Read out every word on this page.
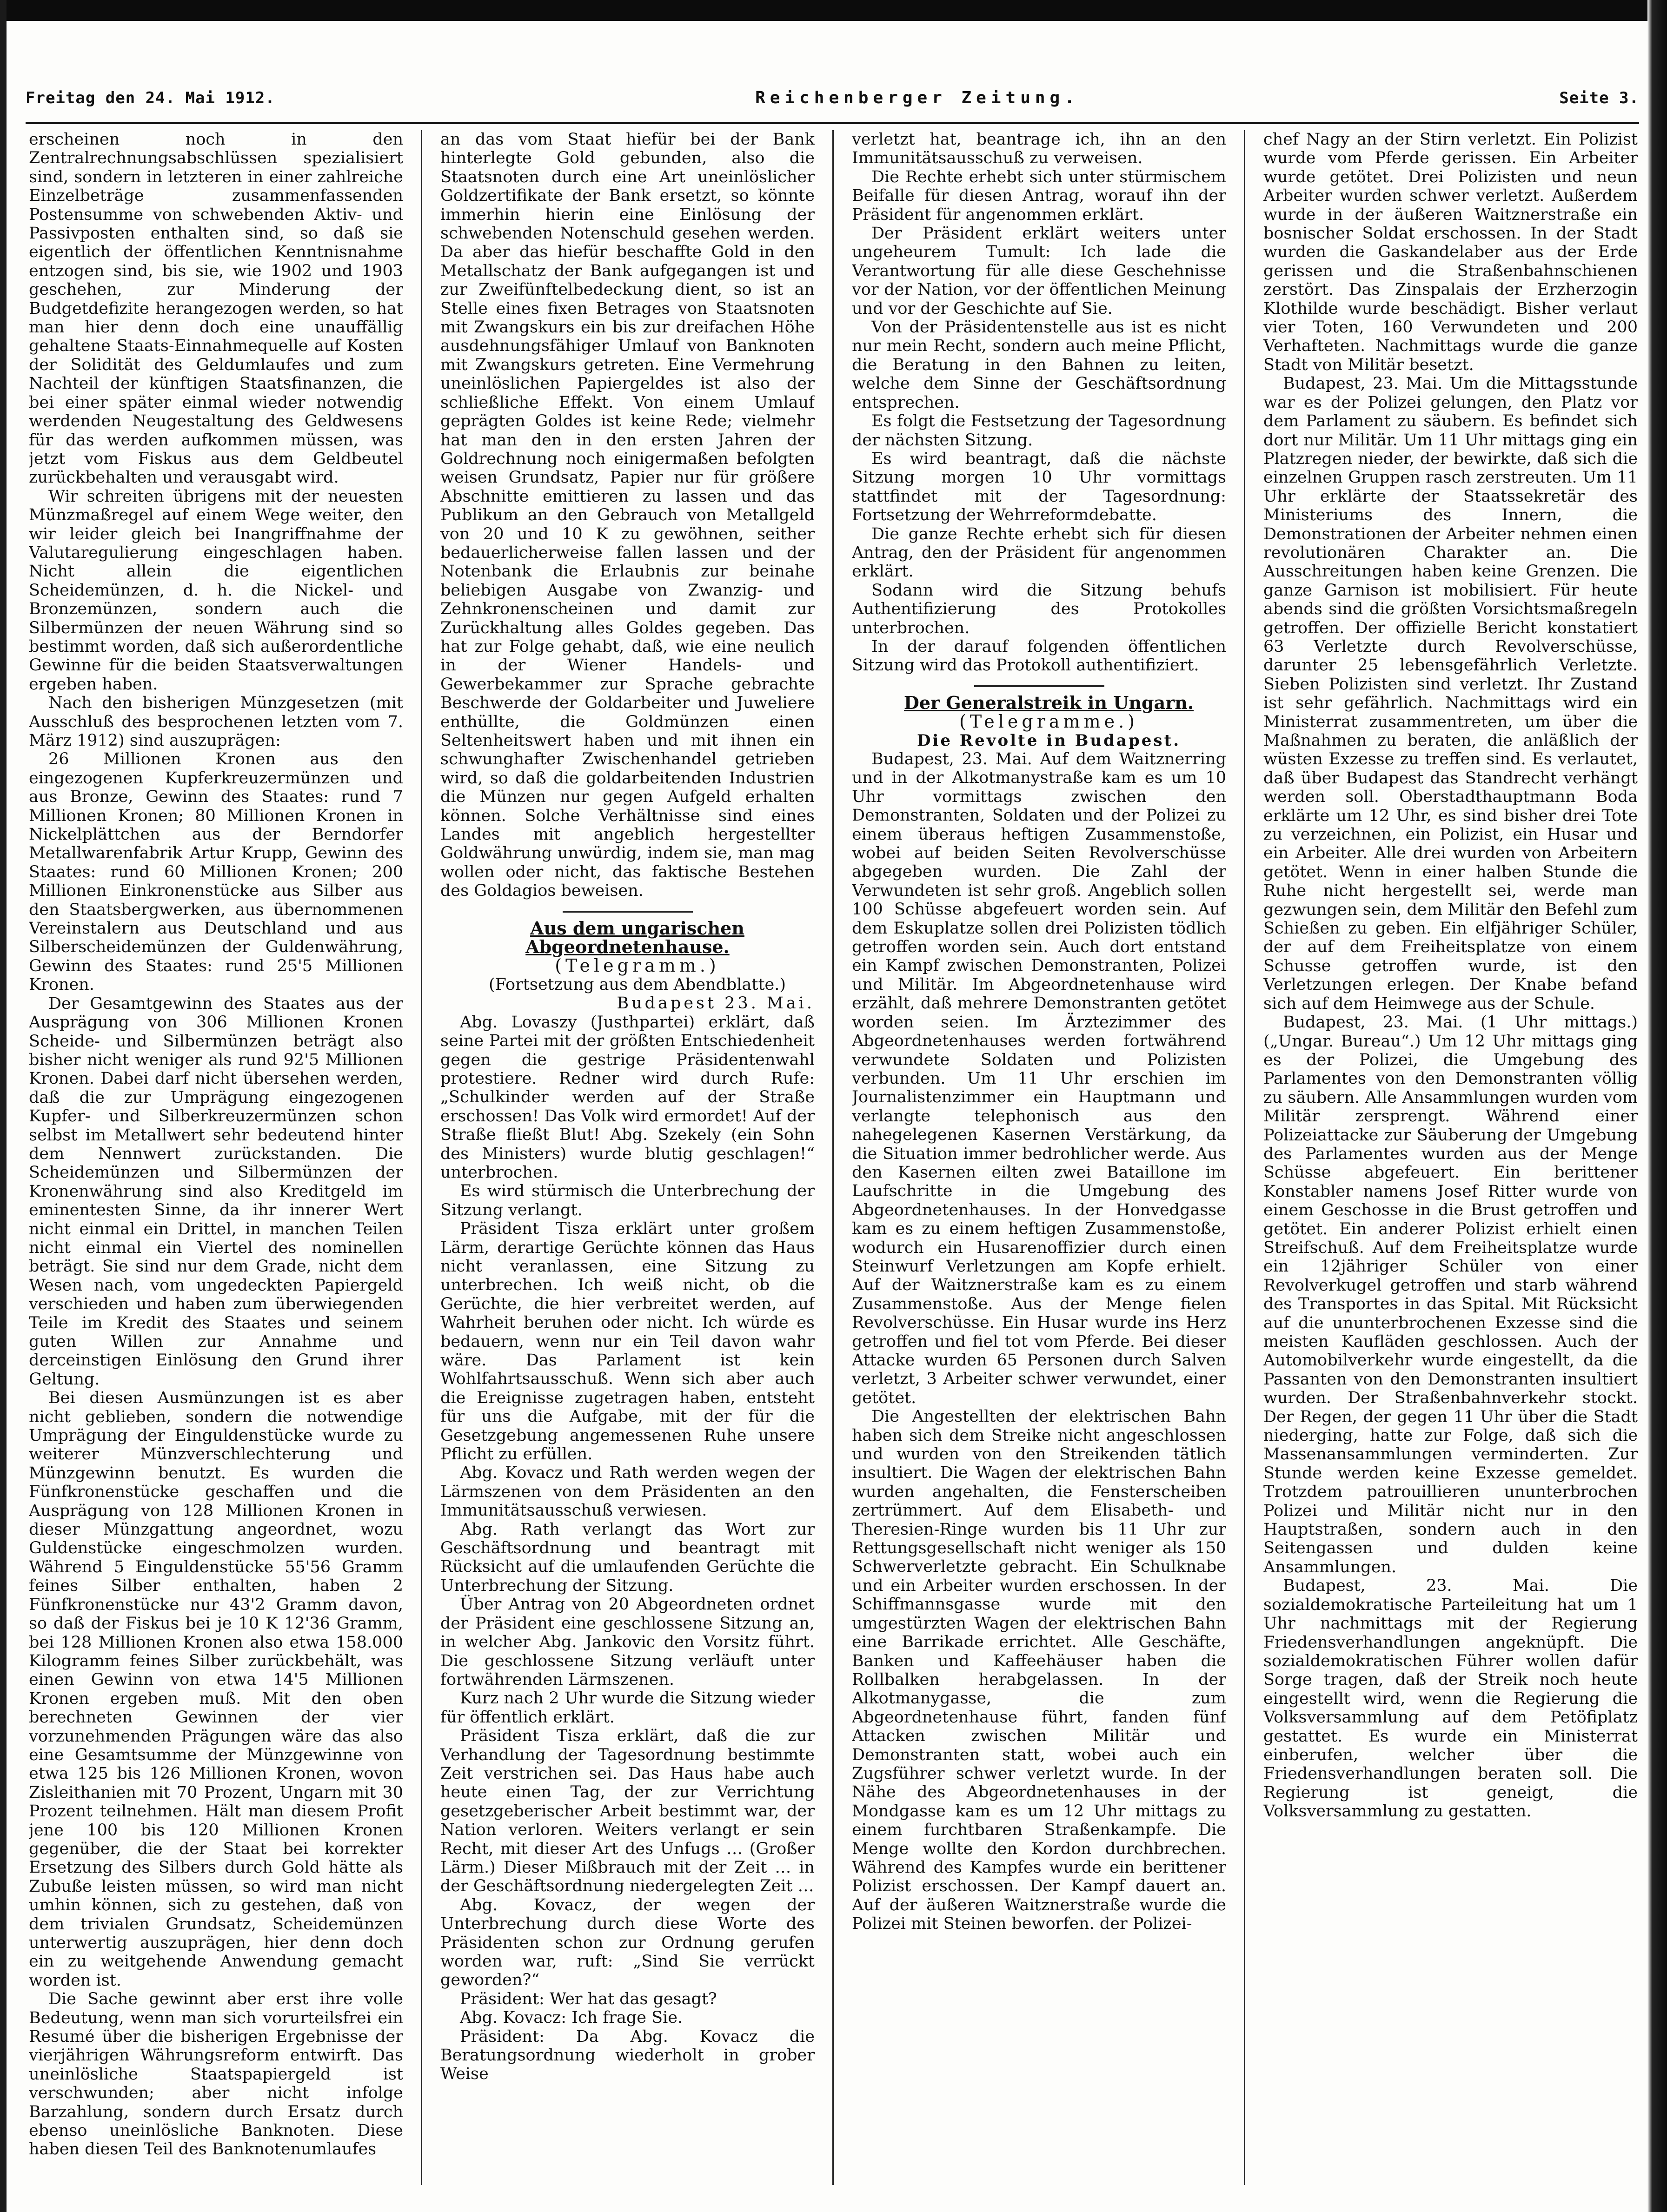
Freitag den 24. Mai 1912.	Reichenberger Zeitung.	Seite 3.

erscheinen noch in den Zentralrechnungsabschlüssen spezialisiert sind, sondern in letzteren in einer zahlreiche Einzelbeträge zusammenfassenden Postensumme von schwebenden Aktiv- und Passivposten enthalten sind, so daß sie eigentlich der öffentlichen Kenntnisnahme entzogen sind, bis sie, wie 1902 und 1903 geschehen, zur Minderung der Budgetdefizite herangezogen werden, so hat man hier denn doch eine unauffällig gehaltene Staats-Einnahmequelle auf Kosten der Solidität des Geldumlaufes und zum Nachteil der künftigen Staatsfinanzen, die bei einer später einmal wieder notwendig werdenden Neugestaltung des Geldwesens für das werden aufkommen müssen, was jetzt vom Fiskus aus dem Geldbeutel zurückbehalten und verausgabt wird.

Wir schreiten übrigens mit der neuesten Münzmaßregel auf einem Wege weiter, den wir leider gleich bei Inangriffnahme der Valutaregulierung eingeschlagen haben. Nicht allein die eigentlichen Scheidemünzen, d. h. die Nickel- und Bronzemünzen, sondern auch die Silbermünzen der neuen Währung sind so bestimmt worden, daß sich außerordentliche Gewinne für die beiden Staatsverwaltungen ergeben haben.

Nach den bisherigen Münzgesetzen (mit Ausschluß des besprochenen letzten vom 7. März 1912) sind auszuprägen:

26 Millionen Kronen aus den eingezogenen Kupferkreuzermünzen und aus Bronze, Gewinn des Staates: rund 7 Millionen Kronen; 80 Millionen Kronen in Nickelplättchen aus der Berndorfer Metallwarenfabrik Artur Krupp, Gewinn des Staates: rund 60 Millionen Kronen; 200 Millionen Einkronenstücke aus Silber aus den Staatsbergwerken, aus übernommenen Vereinstalern aus Deutschland und aus Silberscheidemünzen der Guldenwährung, Gewinn des Staates: rund 25'5 Millionen Kronen.

Der Gesamtgewinn des Staates aus der Ausprägung von 306 Millionen Kronen Scheide- und Silbermünzen beträgt also bisher nicht weniger als rund 92'5 Millionen Kronen. Dabei darf nicht übersehen werden, daß die zur Umprägung eingezogenen Kupfer- und Silberkreuzermünzen schon selbst im Metallwert sehr bedeutend hinter dem Nennwert zurückstanden. Die Scheidemünzen und Silbermünzen der Kronenwährung sind also Kreditgeld im eminentesten Sinne, da ihr innerer Wert nicht einmal ein Drittel, in manchen Teilen nicht einmal ein Viertel des nominellen beträgt. Sie sind nur dem Grade, nicht dem Wesen nach, vom ungedeckten Papiergeld verschieden und haben zum überwiegenden Teile im Kredit des Staates und seinem guten Willen zur Annahme und derceinstigen Einlösung den Grund ihrer Geltung.

Bei diesen Ausmünzungen ist es aber nicht geblieben, sondern die notwendige Umprägung der Einguldenstücke wurde zu weiterer Münzverschlechterung und Münzgewinn benutzt. Es wurden die Fünfkronenstücke geschaffen und die Ausprägung von 128 Millionen Kronen in dieser Münzgattung angeordnet, wozu Guldenstücke eingeschmolzen wurden. Während 5 Einguldenstücke 55'56 Gramm feines Silber enthalten, haben 2 Fünfkronenstücke nur 43'2 Gramm davon, so daß der Fiskus bei je 10 K 12'36 Gramm, bei 128 Millionen Kronen also etwa 158.000 Kilogramm feines Silber zurückbehält, was einen Gewinn von etwa 14'5 Millionen Kronen ergeben muß. Mit den oben berechneten Gewinnen der vier vorzunehmenden Prägungen wäre das also eine Gesamtsumme der Münzgewinne von etwa 125 bis 126 Millionen Kronen, wovon Zisleithanien mit 70 Prozent, Ungarn mit 30 Prozent teilnehmen. Hält man diesem Profit jene 100 bis 120 Millionen Kronen gegenüber, die der Staat bei korrekter Ersetzung des Silbers durch Gold hätte als Zubuße leisten müssen, so wird man nicht umhin können, sich zu gestehen, daß von dem trivialen Grundsatz, Scheidemünzen unterwertig auszuprägen, hier denn doch ein zu weitgehende Anwendung gemacht worden ist.

Die Sache gewinnt aber erst ihre volle Bedeutung, wenn man sich vorurteilsfrei ein Resumé über die bisherigen Ergebnisse der vierjährigen Währungsreform entwirft. Das uneinlösliche Staatspapiergeld ist verschwunden; aber nicht infolge Barzahlung, sondern durch Ersatz durch ebenso uneinlösliche Banknoten. Diese haben diesen Teil des Banknotenumlaufes

an das vom Staat hiefür bei der Bank hinterlegte Gold gebunden, also die Staatsnoten durch eine Art uneinlöslicher Goldzertifikate der Bank ersetzt, so könnte immerhin hierin eine Einlösung der schwebenden Notenschuld gesehen werden. Da aber das hiefür beschaffte Gold in den Metallschatz der Bank aufgegangen ist und zur Zweifünftelbedeckung dient, so ist an Stelle eines fixen Betrages von Staatsnoten mit Zwangskurs ein bis zur dreifachen Höhe ausdehnungsfähiger Umlauf von Banknoten mit Zwangskurs getreten. Eine Vermehrung uneinlöslichen Papiergeldes ist also der schließliche Effekt. Von einem Umlauf geprägten Goldes ist keine Rede; vielmehr hat man den in den ersten Jahren der Goldrechnung noch einigermaßen befolgten weisen Grundsatz, Papier nur für größere Abschnitte emittieren zu lassen und das Publikum an den Gebrauch von Metallgeld von 20 und 10 K zu gewöhnen, seither bedauerlicherweise fallen lassen und der Notenbank die Erlaubnis zur beinahe beliebigen Ausgabe von Zwanzig- und Zehnkronenscheinen und damit zur Zurückhaltung alles Goldes gegeben. Das hat zur Folge gehabt, daß, wie eine neulich in der Wiener Handels- und Gewerbekammer zur Sprache gebrachte Beschwerde der Goldarbeiter und Juweliere enthüllte, die Goldmünzen einen Seltenheitswert haben und mit ihnen ein schwunghafter Zwischenhandel getrieben wird, so daß die goldarbeitenden Industrien die Münzen nur gegen Aufgeld erhalten können. Solche Verhältnisse sind eines Landes mit angeblich hergestellter Goldwährung unwürdig, indem sie, man mag wollen oder nicht, das faktische Bestehen des Goldagios beweisen.

Aus dem ungarischen Abgeordnetenhause.

(Telegramm.)

(Fortsetzung aus dem Abendblatte.)

Budapest 23. Mai.

Abg. Lovaszy (Justhpartei) erklärt, daß seine Partei mit der größten Entschiedenheit gegen die gestrige Präsidentenwahl protestiere. Redner wird durch Rufe: „Schulkinder werden auf der Straße erschossen! Das Volk wird ermordet! Auf der Straße fließt Blut! Abg. Szekely (ein Sohn des Ministers) wurde blutig geschlagen!“ unterbrochen.

Es wird stürmisch die Unterbrechung der Sitzung verlangt.

Präsident Tisza erklärt unter großem Lärm, derartige Gerüchte können das Haus nicht veranlassen, eine Sitzung zu unterbrechen. Ich weiß nicht, ob die Gerüchte, die hier verbreitet werden, auf Wahrheit beruhen oder nicht. Ich würde es bedauern, wenn nur ein Teil davon wahr wäre. Das Parlament ist kein Wohlfahrtsausschuß. Wenn sich aber auch die Ereignisse zugetragen haben, entsteht für uns die Aufgabe, mit der für die Gesetzgebung angemessenen Ruhe unsere Pflicht zu erfüllen.

Abg. Kovacz und Rath werden wegen der Lärmszenen von dem Präsidenten an den Immunitätsausschuß verwiesen.

Abg. Rath verlangt das Wort zur Geschäftsordnung und beantragt mit Rücksicht auf die umlaufenden Gerüchte die Unterbrechung der Sitzung.

Über Antrag von 20 Abgeordneten ordnet der Präsident eine geschlossene Sitzung an, in welcher Abg. Jankovic den Vorsitz führt. Die geschlossene Sitzung verläuft unter fortwährenden Lärmszenen.

Kurz nach 2 Uhr wurde die Sitzung wieder für öffentlich erklärt.

Präsident Tisza erklärt, daß die zur Verhandlung der Tagesordnung bestimmte Zeit verstrichen sei. Das Haus habe auch heute einen Tag, der zur Verrichtung gesetzgeberischer Arbeit bestimmt war, der Nation verloren. Weiters verlangt er sein Recht, mit dieser Art des Unfugs … (Großer Lärm.) Dieser Mißbrauch mit der Zeit … in der Geschäftsordnung niedergelegten Zeit …

Abg. Kovacz, der wegen der Unterbrechung durch diese Worte des Präsidenten schon zur Ordnung gerufen worden war, ruft: „Sind Sie verrückt geworden?“

Präsident: Wer hat das gesagt?

Abg. Kovacz: Ich frage Sie.

Präsident: Da Abg. Kovacz die Beratungsordnung wiederholt in grober Weise

verletzt hat, beantrage ich, ihn an den Immunitätsausschuß zu verweisen.

Die Rechte erhebt sich unter stürmischem Beifalle für diesen Antrag, worauf ihn der Präsident für angenommen erklärt.

Der Präsident erklärt weiters unter ungeheurem Tumult: Ich lade die Verantwortung für alle diese Geschehnisse vor der Nation, vor der öffentlichen Meinung und vor der Geschichte auf Sie.

Von der Präsidentenstelle aus ist es nicht nur mein Recht, sondern auch meine Pflicht, die Beratung in den Bahnen zu leiten, welche dem Sinne der Geschäftsordnung entsprechen.

Es folgt die Festsetzung der Tagesordnung der nächsten Sitzung.

Es wird beantragt, daß die nächste Sitzung morgen 10 Uhr vormittags stattfindet mit der Tagesordnung: Fortsetzung der Wehrreformdebatte.

Die ganze Rechte erhebt sich für diesen Antrag, den der Präsident für angenommen erklärt.

Sodann wird die Sitzung behufs Authentifizierung des Protokolles unterbrochen.

In der darauf folgenden öffentlichen Sitzung wird das Protokoll authentifiziert.

Der Generalstreik in Ungarn.

(Telegramme.)

Die Revolte in Budapest.

Budapest, 23. Mai. Auf dem Waitznerring und in der Alkotmanystraße kam es um 10 Uhr vormittags zwischen den Demonstranten, Soldaten und der Polizei zu einem überaus heftigen Zusammenstoße, wobei auf beiden Seiten Revolverschüsse abgegeben wurden. Die Zahl der Verwundeten ist sehr groß. Angeblich sollen 100 Schüsse abgefeuert worden sein. Auf dem Eskuplatze sollen drei Polizisten tödlich getroffen worden sein. Auch dort entstand ein Kampf zwischen Demonstranten, Polizei und Militär. Im Abgeordnetenhause wird erzählt, daß mehrere Demonstranten getötet worden seien. Im Ärztezimmer des Abgeordnetenhauses werden fortwährend verwundete Soldaten und Polizisten verbunden. Um 11 Uhr erschien im Journalistenzimmer ein Hauptmann und verlangte telephonisch aus den nahegelegenen Kasernen Verstärkung, da die Situation immer bedrohlicher werde. Aus den Kasernen eilten zwei Bataillone im Laufschritte in die Umgebung des Abgeordnetenhauses. In der Honvedgasse kam es zu einem heftigen Zusammenstoße, wodurch ein Husarenoffizier durch einen Steinwurf Verletzungen am Kopfe erhielt. Auf der Waitznerstraße kam es zu einem Zusammenstoße. Aus der Menge fielen Revolverschüsse. Ein Husar wurde ins Herz getroffen und fiel tot vom Pferde. Bei dieser Attacke wurden 65 Personen durch Salven verletzt, 3 Arbeiter schwer verwundet, einer getötet.

Die Angestellten der elektrischen Bahn haben sich dem Streike nicht angeschlossen und wurden von den Streikenden tätlich insultiert. Die Wagen der elektrischen Bahn wurden angehalten, die Fensterscheiben zertrümmert. Auf dem Elisabeth- und Theresien-Ringe wurden bis 11 Uhr zur Rettungsgesellschaft nicht weniger als 150 Schwerverletzte gebracht. Ein Schulknabe und ein Arbeiter wurden erschossen. In der Schiffmannsgasse wurde mit den umgestürzten Wagen der elektrischen Bahn eine Barrikade errichtet. Alle Geschäfte, Banken und Kaffeehäuser haben die Rollbalken herabgelassen. In der Alkotmanygasse, die zum Abgeordnetenhause führt, fanden fünf Attacken zwischen Militär und Demonstranten statt, wobei auch ein Zugsführer schwer verletzt wurde. In der Nähe des Abgeordnetenhauses in der Mondgasse kam es um 12 Uhr mittags zu einem furchtbaren Straßenkampfe. Die Menge wollte den Kordon durchbrechen. Während des Kampfes wurde ein berittener Polizist erschossen. Der Kampf dauert an. Auf der äußeren Waitznerstraße wurde die Polizei mit Steinen beworfen. der Polizei-

chef Nagy an der Stirn verletzt. Ein Polizist wurde vom Pferde gerissen. Ein Arbeiter wurde getötet. Drei Polizisten und neun Arbeiter wurden schwer verletzt. Außerdem wurde in der äußeren Waitznerstraße ein bosnischer Soldat erschossen. In der Stadt wurden die Gaskandelaber aus der Erde gerissen und die Straßenbahnschienen zerstört. Das Zinspalais der Erzherzogin Klothilde wurde beschädigt. Bisher verlaut vier Toten, 160 Verwundeten und 200 Verhafteten. Nachmittags wurde die ganze Stadt von Militär besetzt.

Budapest, 23. Mai. Um die Mittagsstunde war es der Polizei gelungen, den Platz vor dem Parlament zu säubern. Es befindet sich dort nur Militär. Um 11 Uhr mittags ging ein Platzregen nieder, der bewirkte, daß sich die einzelnen Gruppen rasch zerstreuten. Um 11 Uhr erklärte der Staatssekretär des Ministeriums des Innern, die Demonstrationen der Arbeiter nehmen einen revolutionären Charakter an. Die Ausschreitungen haben keine Grenzen. Die ganze Garnison ist mobilisiert. Für heute abends sind die größten Vorsichtsmaßregeln getroffen. Der offizielle Bericht konstatiert 63 Verletzte durch Revolverschüsse, darunter 25 lebensgefährlich Verletzte. Sieben Polizisten sind verletzt. Ihr Zustand ist sehr gefährlich. Nachmittags wird ein Ministerrat zusammentreten, um über die Maßnahmen zu beraten, die anläßlich der wüsten Exzesse zu treffen sind. Es verlautet, daß über Budapest das Standrecht verhängt werden soll. Oberstadthauptmann Boda erklärte um 12 Uhr, es sind bisher drei Tote zu verzeichnen, ein Polizist, ein Husar und ein Arbeiter. Alle drei wurden von Arbeitern getötet. Wenn in einer halben Stunde die Ruhe nicht hergestellt sei, werde man gezwungen sein, dem Militär den Befehl zum Schießen zu geben. Ein elfjähriger Schüler, der auf dem Freiheitsplatze von einem Schusse getroffen wurde, ist den Verletzungen erlegen. Der Knabe befand sich auf dem Heimwege aus der Schule.

Budapest, 23. Mai. (1 Uhr mittags.) („Ungar. Bureau“.) Um 12 Uhr mittags ging es der Polizei, die Umgebung des Parlamentes von den Demonstranten völlig zu säubern. Alle Ansammlungen wurden vom Militär zersprengt. Während einer Polizeiattacke zur Säuberung der Umgebung des Parlamentes wurden aus der Menge Schüsse abgefeuert. Ein berittener Konstabler namens Josef Ritter wurde von einem Geschosse in die Brust getroffen und getötet. Ein anderer Polizist erhielt einen Streifschuß. Auf dem Freiheitsplatze wurde ein 12jähriger Schüler von einer Revolverkugel getroffen und starb während des Transportes in das Spital. Mit Rücksicht auf die ununterbrochenen Exzesse sind die meisten Kaufläden geschlossen. Auch der Automobilverkehr wurde eingestellt, da die Passanten von den Demonstranten insultiert wurden. Der Straßenbahnverkehr stockt. Der Regen, der gegen 11 Uhr über die Stadt niederging, hatte zur Folge, daß sich die Massenansammlungen verminderten. Zur Stunde werden keine Exzesse gemeldet. Trotzdem patrouillieren ununterbrochen Polizei und Militär nicht nur in den Hauptstraßen, sondern auch in den Seitengassen und dulden keine Ansammlungen.

Budapest, 23. Mai. Die sozialdemokratische Parteileitung hat um 1 Uhr nachmittags mit der Regierung Friedensverhandlungen angeknüpft. Die sozialdemokratischen Führer wollen dafür Sorge tragen, daß der Streik noch heute eingestellt wird, wenn die Regierung die Volksversammlung auf dem Petöfiplatz gestattet. Es wurde ein Ministerrat einberufen, welcher über die Friedensverhandlungen beraten soll. Die Regierung ist geneigt, die Volksversammlung zu gestatten.
